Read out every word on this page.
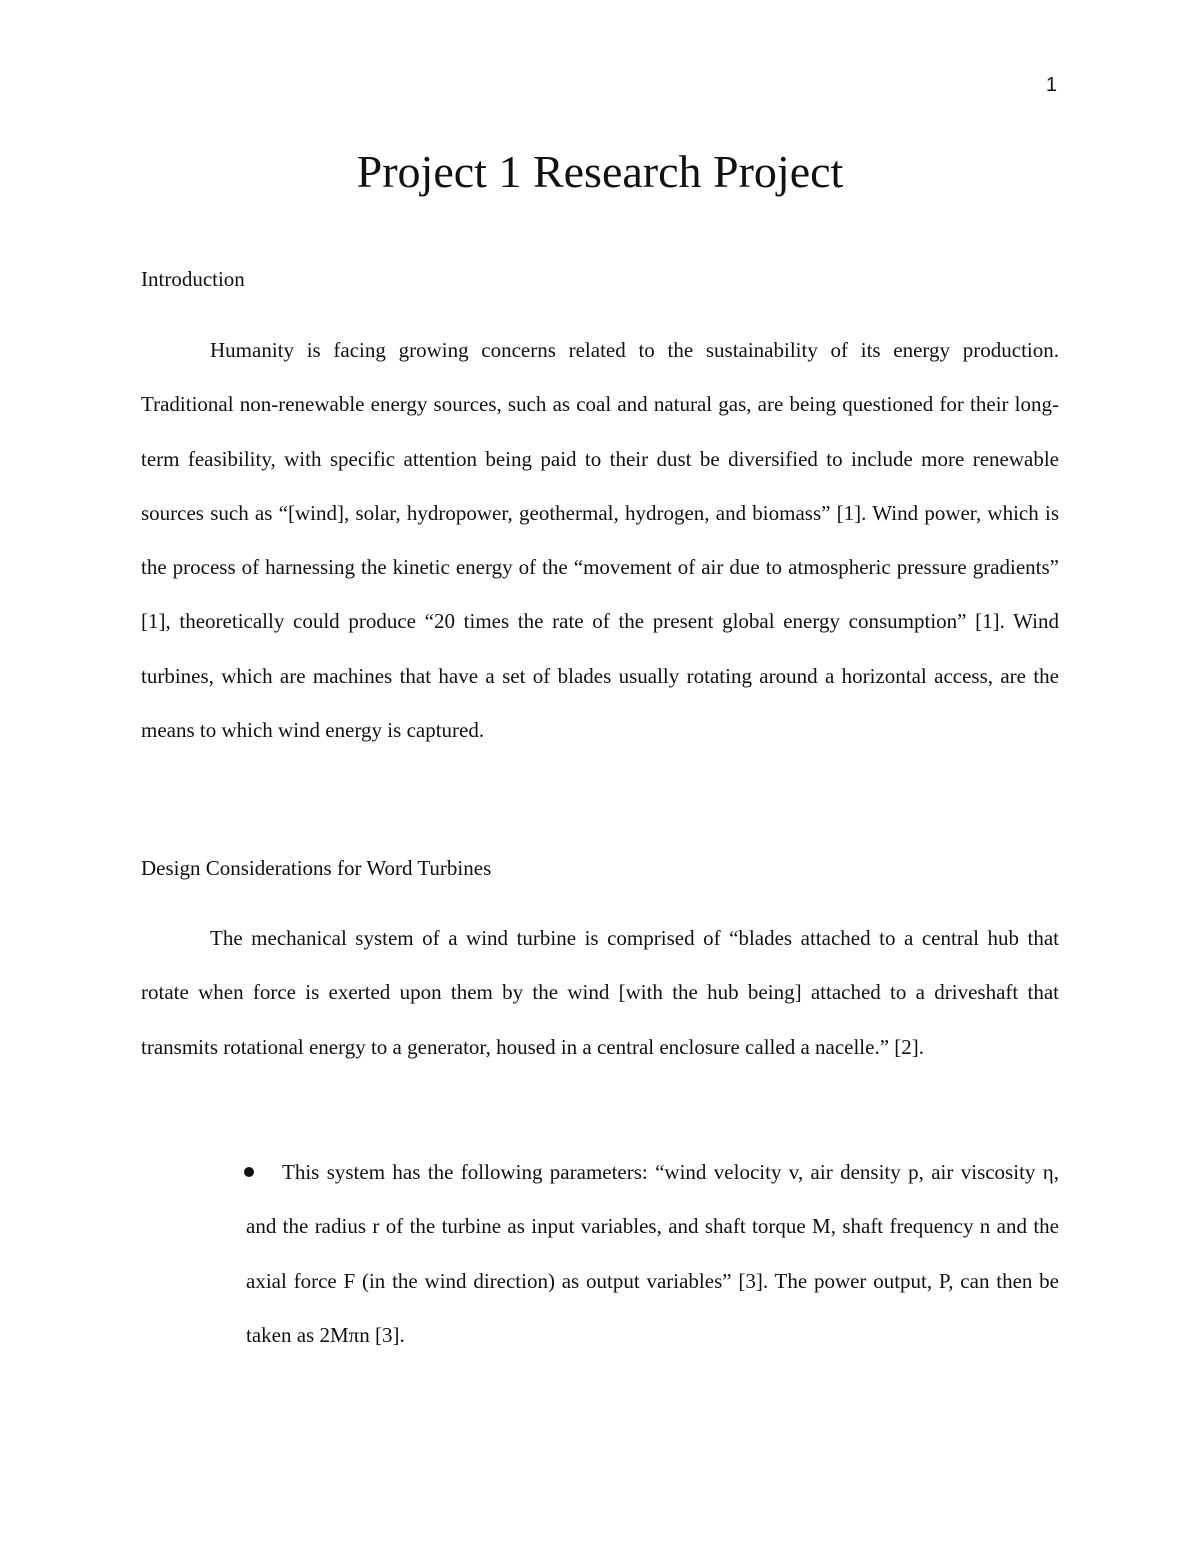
1
Project 1 Research Project
Introduction

Humanity is facing growing concerns related to the sustainability of its energy production. Traditional non-renewable energy sources, such as coal and natural gas, are being questioned for their long-term feasibility, with specific attention being paid to their dust be diversified to include more renewable sources such as “[wind], solar, hydropower, geothermal, hydrogen, and biomass” [1]. Wind power, which is the process of harnessing the kinetic energy of the “movement of air due to atmospheric pressure gradients” [1], theoretically could produce “20 times the rate of the present global energy consumption” [1]. Wind turbines, which are machines that have a set of blades usually rotating around a horizontal access, are the means to which wind energy is captured.

Design Considerations for Word Turbines

The mechanical system of a wind turbine is comprised of “blades attached to a central hub that rotate when force is exerted upon them by the wind [with the hub being] attached to a driveshaft that transmits rotational energy to a generator, housed in a central enclosure called a nacelle.” [2].

This system has the following parameters: “wind velocity v, air density p, air viscosity η, and the radius r of the turbine as input variables, and shaft torque M, shaft frequency n and the axial force F (in the wind direction) as output variables” [3]. The power output, P, can then be taken as 2Mπn [3].
